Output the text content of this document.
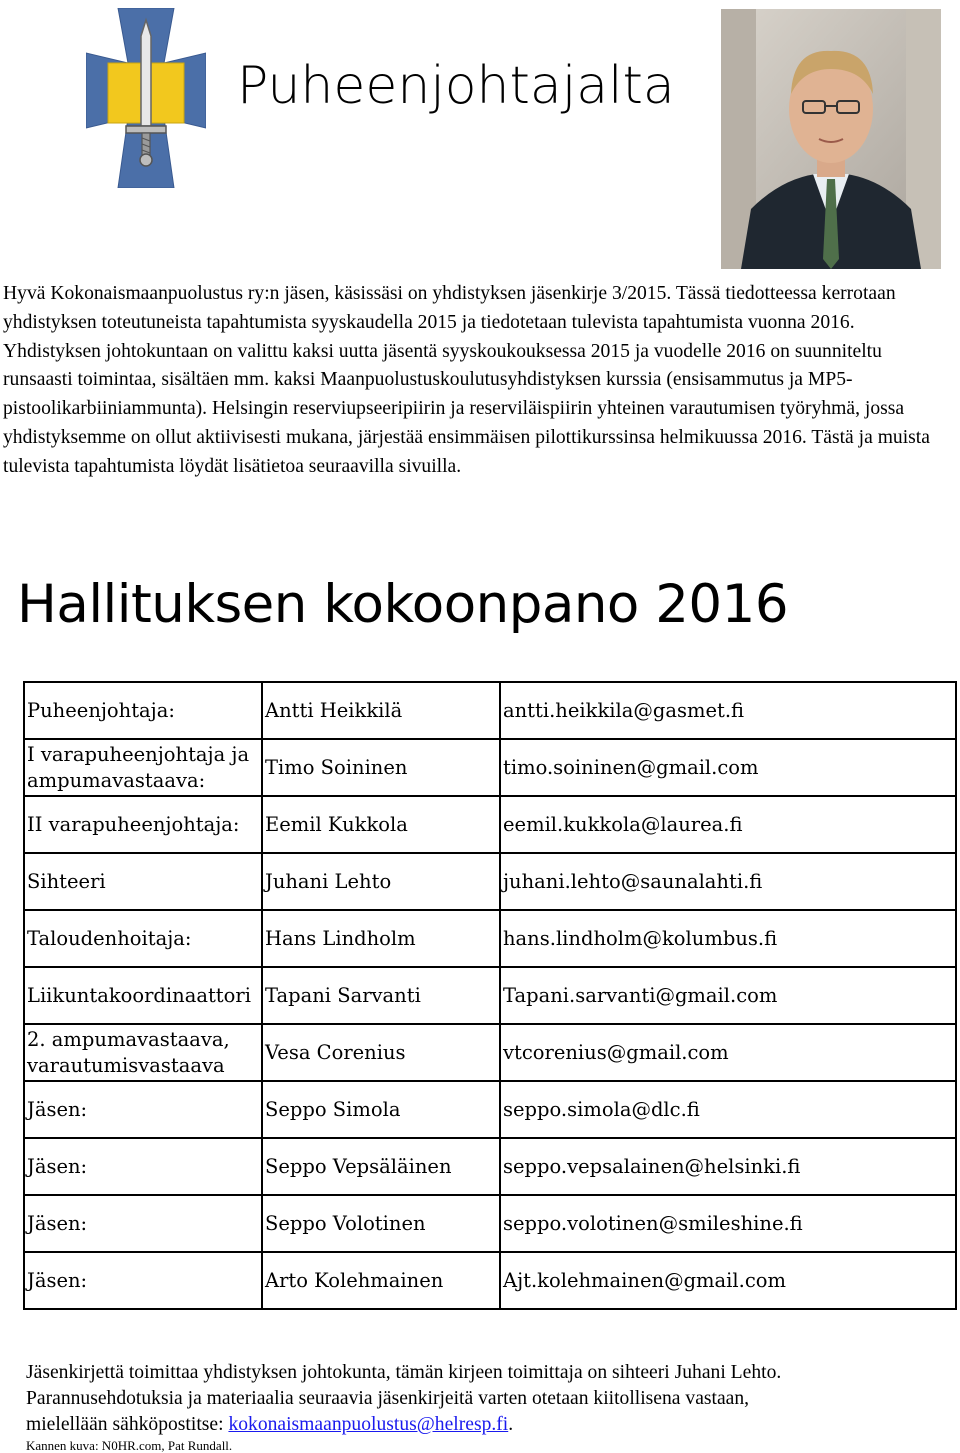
Puheenjohtajalta

Hyvä Kokonaismaanpuolustus ry:n jäsen, käsissäsi on yhdistyksen jäsenkirje 3/2015. Tässä tiedotteessa kerrotaan yhdistyksen toteutuneista tapahtumista syyskaudella 2015 ja tiedotetaan tulevista tapahtumista vuonna 2016. Yhdistyksen johtokuntaan on valittu kaksi uutta jäsentä syyskoukouksessa 2015 ja vuodelle 2016 on suunniteltu runsaasti toimintaa, sisältäen mm. kaksi Maanpuolustuskoulutusyhdistyksen kurssia (ensisammutus ja MP5-pistoolikarbiiniammunta). Helsingin reserviupseeripiirin ja reserviläispiirin yhteinen varautumisen työryhmä, jossa yhdistyksemme on ollut aktiivisesti mukana, järjestää ensimmäisen pilottikurssinsa helmikuussa 2016. Tästä ja muista tulevista tapahtumista löydät lisätietoa seuraavilla sivuilla.

Hallituksen kokoonpano 2016
Puheenjohtaja:	Antti Heikkilä	antti.heikkila@gasmet.fi
I varapuheenjohtaja ja ampumavastaava:	Timo Soininen	timo.soininen@gmail.com
II varapuheenjohtaja:	Eemil Kukkola	eemil.kukkola@laurea.fi
Sihteeri	Juhani Lehto	juhani.lehto@saunalahti.fi
Taloudenhoitaja:	Hans Lindholm	hans.lindholm@kolumbus.fi
Liikuntakoordinaattori	Tapani Sarvanti	Tapani.sarvanti@gmail.com
2. ampumavastaava, varautumisvastaava	Vesa Corenius	vtcorenius@gmail.com
Jäsen:	Seppo Simola	seppo.simola@dlc.fi
Jäsen:	Seppo Vepsäläinen	seppo.vepsalainen@helsinki.fi
Jäsen:	Seppo Volotinen	seppo.volotinen@smileshine.fi
Jäsen:	Arto Kolehmainen	Ajt.kolehmainen@gmail.com

Jäsenkirjettä toimittaa yhdistyksen johtokunta, tämän kirjeen toimittaja on sihteeri Juhani Lehto.

Parannusehdotuksia ja materiaalia seuraavia jäsenkirjeitä varten otetaan kiitollisena vastaan,

mielellään sähköpostitse: kokonaismaanpuolustus@helresp.fi.

Kannen kuva: N0HR.com, Pat Rundall.
